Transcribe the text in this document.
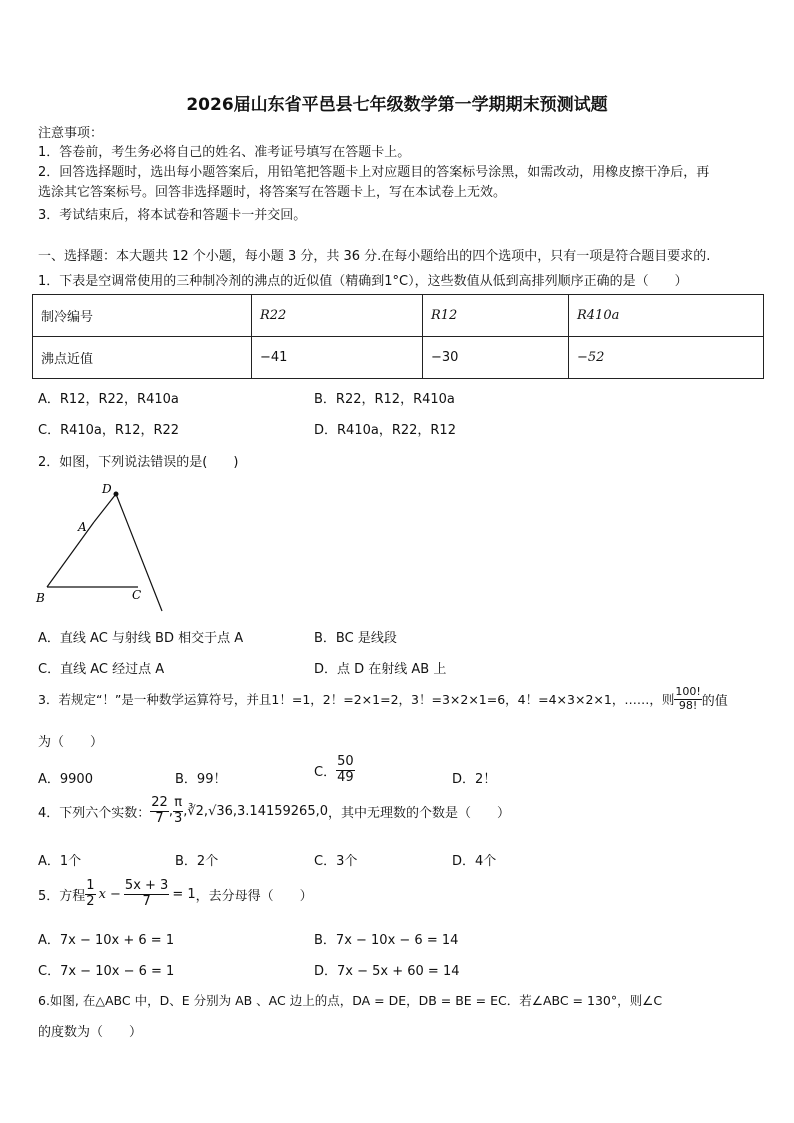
2026届山东省平邑县七年级数学第一学期期末预测试题
注意事项：
1．答卷前，考生务必将自己的姓名、准考证号填写在答题卡上。
2．回答选择题时，选出每小题答案后，用铅笔把答题卡上对应题目的答案标号涂黑，如需改动，用橡皮擦干净后，再
选涂其它答案标号。回答非选择题时，将答案写在答题卡上，写在本试卷上无效。
3．考试结束后，将本试卷和答题卡一并交回。
一、选择题：本大题共 12 个小题，每小题 3 分，共 36 分.在每小题给出的四个选项中，只有一项是符合题目要求的.
1．下表是空调常使用的三种制冷剂的沸点的近似值（精确到1°C），这些数值从低到高排列顺序正确的是（　　）
制冷编号	R22	R12	R410a
沸点近值	−41	−30	−52
A．R12，R22，R410a	B．R22，R12，R410a
C．R410a，R12，R22	D．R410a，R22，R12
2．如图，下列说法错误的是(　　)
D
A
B	C
A．直线 AC 与射线 BD 相交于点 A	B．BC 是线段
C．直线 AC 经过点 A	D．点 D 在射线 AB 上
3．若规定“！”是一种数学运算符号，并且1！=1，2！=2×1=2，3！=3×2×1=6，4！=4×3×2×1，……，则 $\frac{100!}{98!}$ 的值
为（　　）
A．9900	B．99！	C． $\frac{50}{49}$	D．2！
4．下列六个实数： $\frac{22}{7}$ , $\frac{\pi}{3}$ ,∛2,√36,3.14159265,0 ，其中无理数的个数是（　　）
A．1个	B．2个	C．3个	D．4个
5．方程 $\frac{1}{2}$ $x - \frac{5x + 3}{7} = 1$ ，去分母得（　　）
A．7x − 10x + 6 = 1	B．7x − 10x − 6 = 14
C．7x − 10x − 6 = 1	D．7x − 5x + 60 = 14
6.如图, 在△ABC 中，D、E 分别为 AB 、AC 边上的点，DA = DE，DB = BE = EC．若∠ABC = 130°，则∠C
的度数为（　　）
